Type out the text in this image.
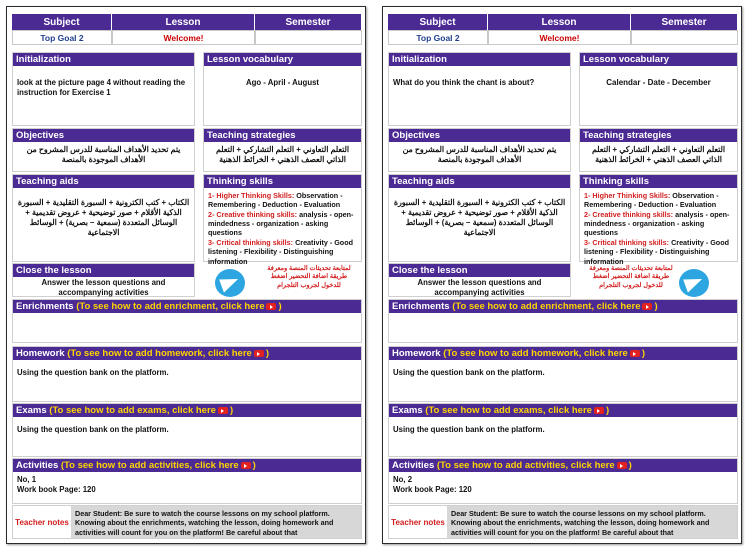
Subject	Lesson	Semester
Top Goal 2	Welcome!
Initialization
look at the picture page 4 without reading the instruction for Exercise 1
Lesson vocabulary
Ago - April - August
Objectives
يتم تحديد الأهداف المناسبة للدرس المشروح من الأهداف الموجودة بالمنصة
Teaching strategies
التعلم التعاوني + التعلم التشاركي + التعلم الذاتي العصف الذهني + الخرائط الذهنية
Teaching aids
الكتاب + كتب الكترونية + السبورة التقليدية + السبورة الذكية الأقلام + صور توضيحية + عروض تقديمية + الوسائل المتعددة (سمعية – بصرية) + الوسائط الاجتماعية
Thinking skills
1- Higher Thinking Skills: Observation - Remembering - Deduction - Evaluation
2- Creative thinking skills: analysis - open-mindedness - organization - asking questions
3- Critical thinking skills: Creativity - Good listening - Flexibility - Distinguishing information
Close the lesson
Answer the lesson questions and accompanying activities
لمتابعة تحديثات المنصة ومعرفة طريقة اضافة التحضير اضغط للدخول لجروب التلجرام
Enrichments
(To see how to add enrichment, click here )
Homework
(To see how to add homework, click here )
Using the question bank on the platform.
Exams
(To see how to add exams, click here )
Using the question bank on the platform.
Activities
(To see how to add activities, click here )
No, 1
Work book Page: 120
Teacher notes
Dear Student: Be sure to watch the course lessons on my school platform. Knowing about the enrichments, watching the lesson, doing homework and activities will count for you on the platform! Be careful about that
Subject	Lesson	Semester
Top Goal 2	Welcome!
Initialization
What do you think the chant is about?
Lesson vocabulary
Calendar - Date - December
Objectives
يتم تحديد الأهداف المناسبة للدرس المشروح من الأهداف الموجودة بالمنصة
Teaching strategies
التعلم التعاوني + التعلم التشاركي + التعلم الذاتي العصف الذهني + الخرائط الذهنية
Teaching aids
الكتاب + كتب الكترونية + السبورة التقليدية + السبورة الذكية الأقلام + صور توضيحية + عروض تقديمية + الوسائل المتعددة (سمعية – بصرية) + الوسائط الاجتماعية
Thinking skills
1- Higher Thinking Skills: Observation - Remembering - Deduction - Evaluation
2- Creative thinking skills: analysis - open-mindedness - organization - asking questions
3- Critical thinking skills: Creativity - Good listening - Flexibility - Distinguishing information
Close the lesson
Answer the lesson questions and accompanying activities
لمتابعة تحديثات المنصة ومعرفة طريقة اضافة التحضير اضغط للدخول لجروب التلجرام
Enrichments
(To see how to add enrichment, click here )
Homework
(To see how to add homework, click here )
Using the question bank on the platform.
Exams
(To see how to add exams, click here )
Using the question bank on the platform.
Activities
(To see how to add activities, click here )
No, 2
Work book Page: 120
Teacher notes
Dear Student: Be sure to watch the course lessons on my school platform. Knowing about the enrichments, watching the lesson, doing homework and activities will count for you on the platform! Be careful about that
